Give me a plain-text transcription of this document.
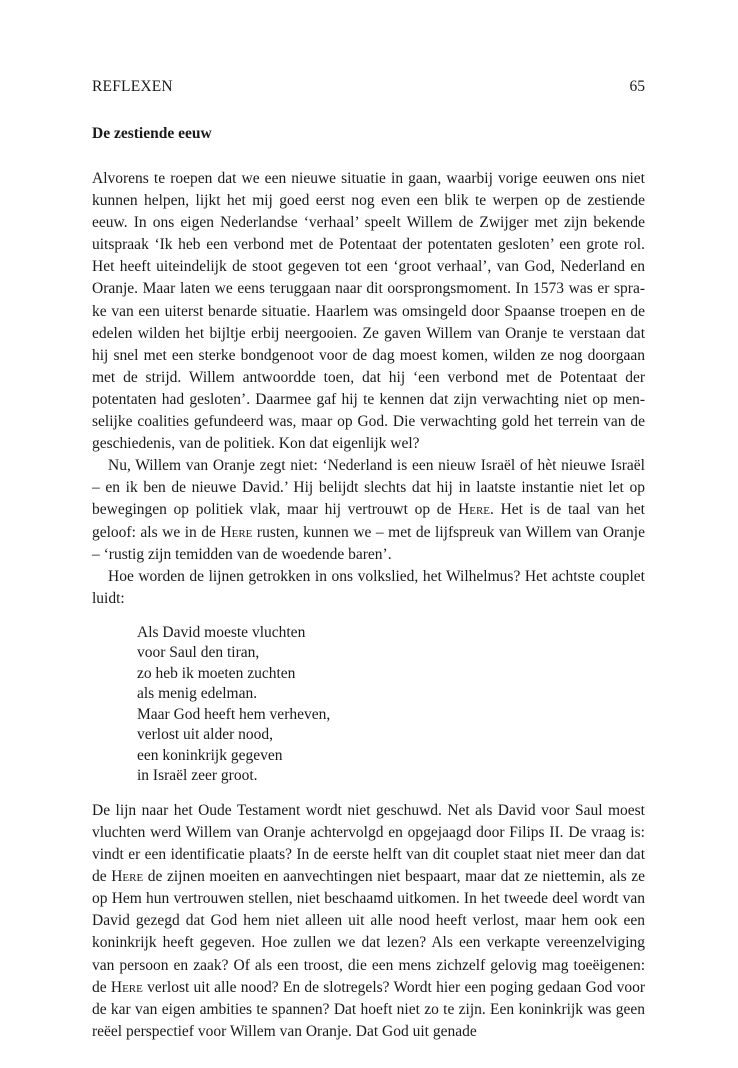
REFLEXEN	65
De zestiende eeuw

Alvorens te roepen dat we een nieuwe situatie in gaan, waarbij vorige eeuwen ons niet kunnen helpen, lijkt het mij goed eerst nog even een blik te werpen op de zestiende eeuw. In ons eigen Nederlandse ‘verhaal’ speelt Willem de Zwijger met zijn bekende uitspraak ‘Ik heb een verbond met de Potentaat der potentaten gesloten’ een grote rol. Het heeft uiteindelijk de stoot gegeven tot een ‘groot verhaal’, van God, Nederland en Oranje. Maar laten we eens teruggaan naar dit oorsprongsmoment. In 1573 was er sprake van een uiterst benarde situatie. Haarlem was omsingeld door Spaanse troepen en de edelen wilden het bijltje erbij neergooien. Ze gaven Willem van Oranje te verstaan dat hij snel met een sterke bondgenoot voor de dag moest komen, wilden ze nog doorgaan met de strijd. Willem antwoordde toen, dat hij ‘een verbond met de Potentaat der potentaten had gesloten’. Daarmee gaf hij te kennen dat zijn verwachting niet op menselijke coalities gefundeerd was, maar op God. Die verwachting gold het terrein van de geschiedenis, van de politiek. Kon dat eigenlijk wel?

Nu, Willem van Oranje zegt niet: ‘Nederland is een nieuw Israël of hèt nieuwe Israël – en ik ben de nieuwe David.’ Hij belijdt slechts dat hij in laatste instantie niet let op bewegingen op politiek vlak, maar hij vertrouwt op de Here. Het is de taal van het geloof: als we in de Here rusten, kunnen we – met de lijfspreuk van Willem van Oranje – ‘rustig zijn temidden van de woedende baren’.

Hoe worden de lijnen getrokken in ons volkslied, het Wilhelmus? Het achtste couplet luidt:

Als David moeste vluchten
voor Saul den tiran,
zo heb ik moeten zuchten
als menig edelman.
Maar God heeft hem verheven,
verlost uit alder nood,
een koninkrijk gegeven
in Israël zeer groot.

De lijn naar het Oude Testament wordt niet geschuwd. Net als David voor Saul moest vluchten werd Willem van Oranje achtervolgd en opgejaagd door Filips II. De vraag is: vindt er een identificatie plaats? In de eerste helft van dit couplet staat niet meer dan dat de Here de zijnen moeiten en aanvechtingen niet bespaart, maar dat ze niettemin, als ze op Hem hun vertrouwen stellen, niet beschaamd uitkomen. In het tweede deel wordt van David gezegd dat God hem niet alleen uit alle nood heeft verlost, maar hem ook een koninkrijk heeft gegeven. Hoe zullen we dat lezen? Als een verkapte vereenzelviging van persoon en zaak? Of als een troost, die een mens zichzelf gelovig mag toeëigenen: de Here verlost uit alle nood? En de slotregels? Wordt hier een poging gedaan God voor de kar van eigen ambities te spannen? Dat hoeft niet zo te zijn. Een koninkrijk was geen reëel perspectief voor Willem van Oranje. Dat God uit genade
